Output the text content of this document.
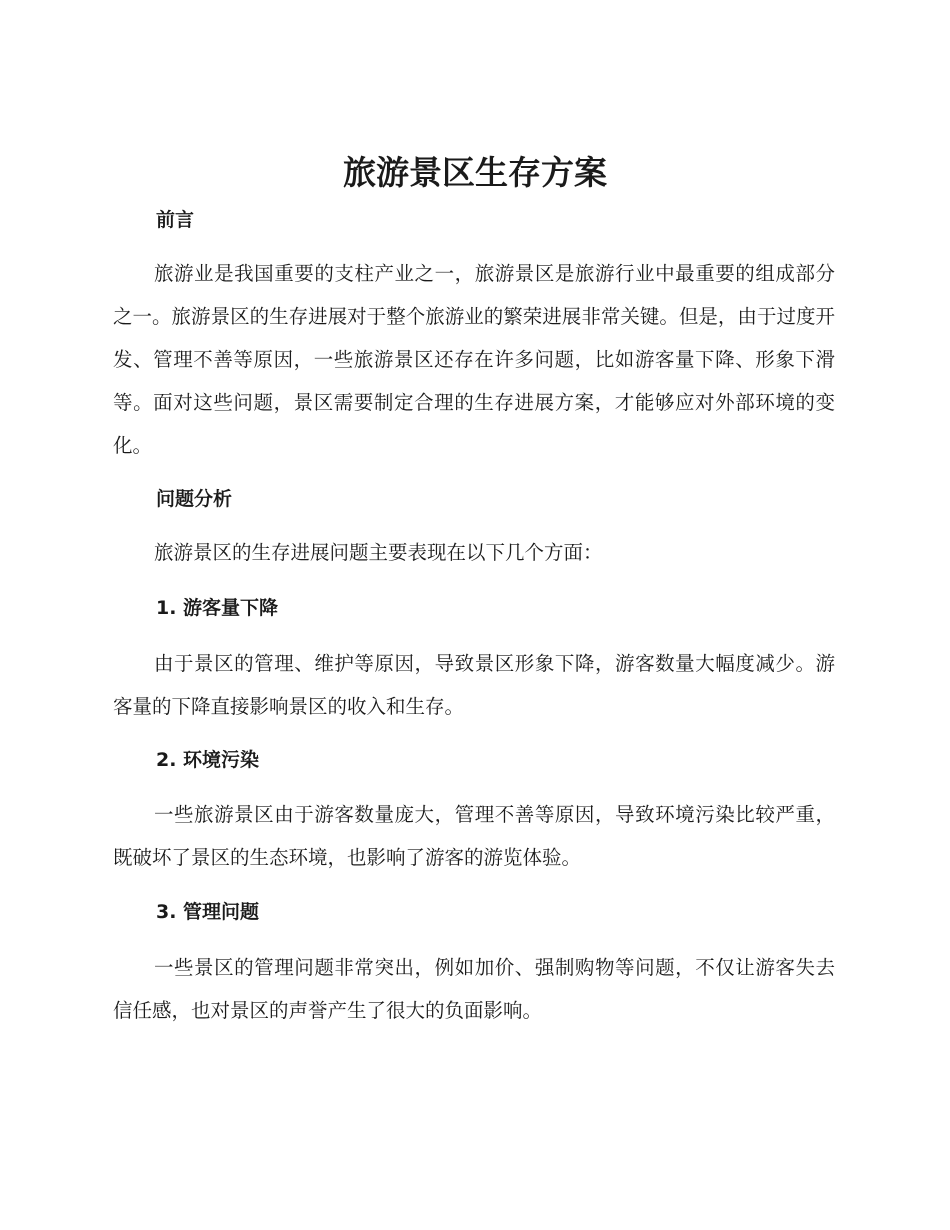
旅游景区生存方案
前言

旅游业是我国重要的支柱产业之一，旅游景区是旅游行业中最重要的组成部分之一。旅游景区的生存进展对于整个旅游业的繁荣进展非常关键。但是，由于过度开发、管理不善等原因，一些旅游景区还存在许多问题，比如游客量下降、形象下滑等。面对这些问题，景区需要制定合理的生存进展方案，才能够应对外部环境的变化。

问题分析

旅游景区的生存进展问题主要表现在以下几个方面：

1. 游客量下降

由于景区的管理、维护等原因，导致景区形象下降，游客数量大幅度减少。游客量的下降直接影响景区的收入和生存。

2. 环境污染

一些旅游景区由于游客数量庞大，管理不善等原因，导致环境污染比较严重，既破坏了景区的生态环境，也影响了游客的游览体验。

3. 管理问题

一些景区的管理问题非常突出，例如加价、强制购物等问题，不仅让游客失去信任感，也对景区的声誉产生了很大的负面影响。
